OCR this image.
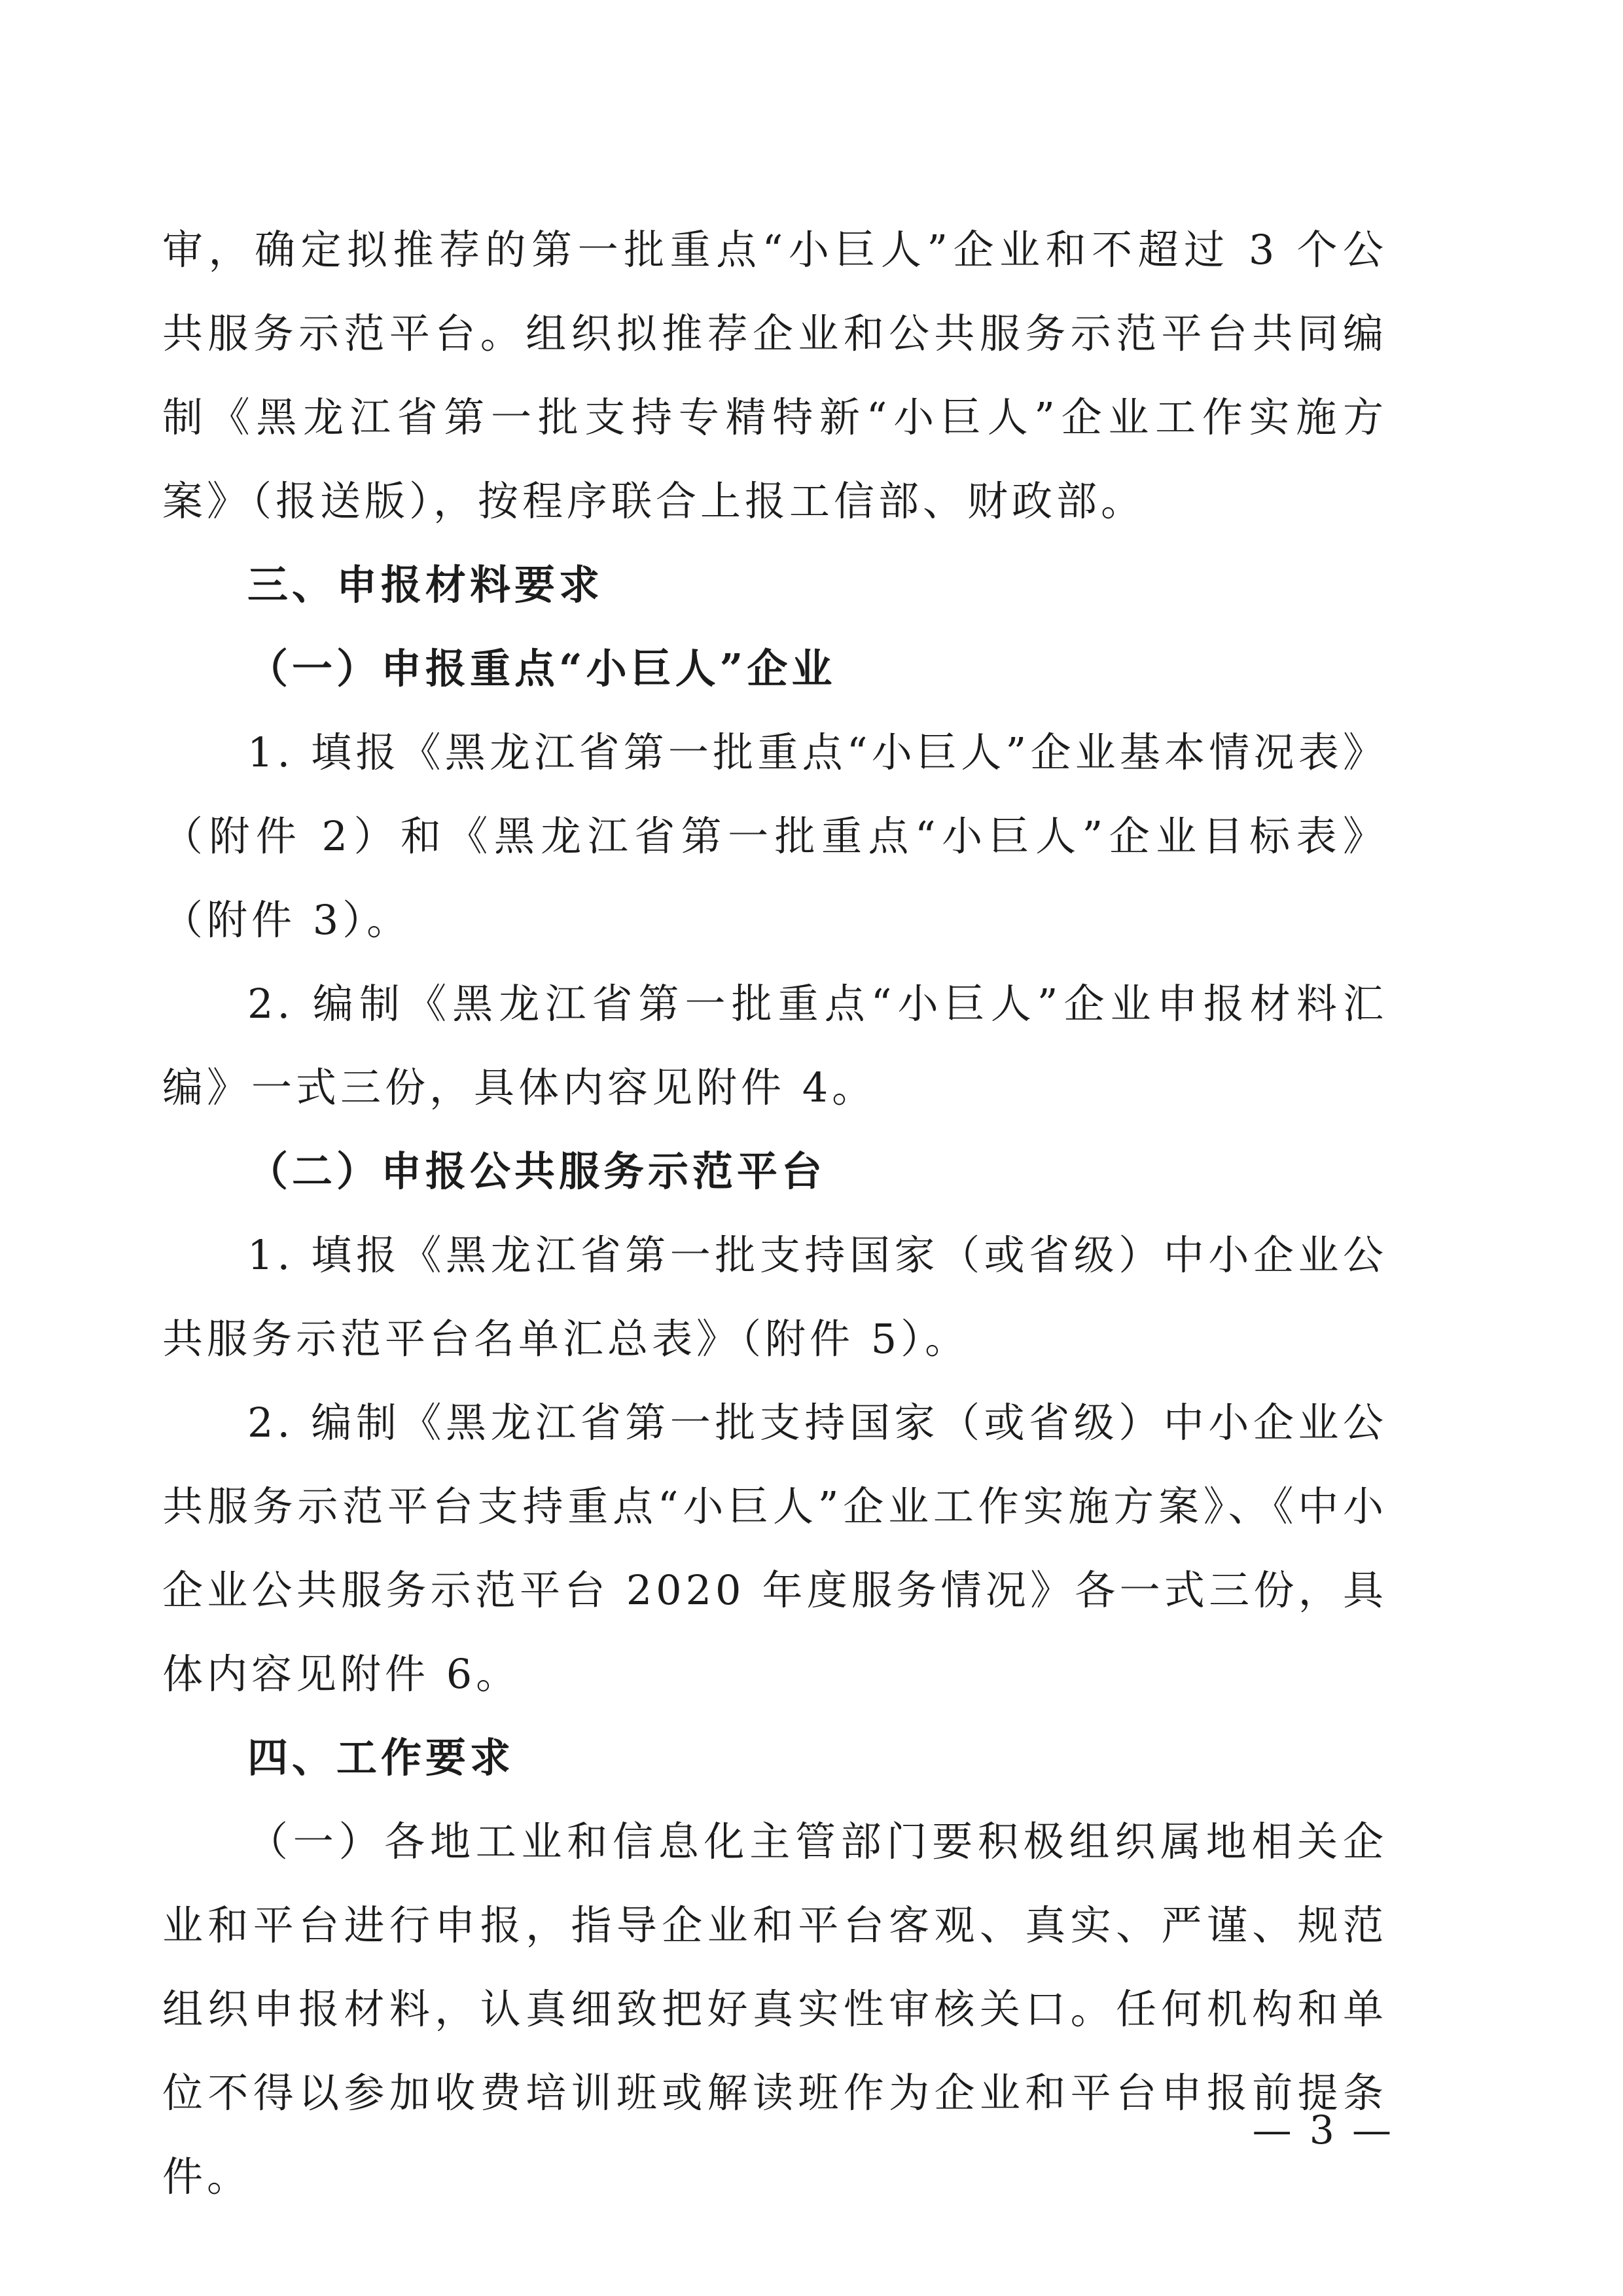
审，确定拟推荐的第一批重点“小巨人”企业和不超过 3 个公共服务示范平台。组织拟推荐企业和公共服务示范平台共同编制《黑龙江省第一批支持专精特新“小巨人”企业工作实施方案》（报送版），按程序联合上报工信部、财政部。

三、申报材料要求

（一）申报重点“小巨人”企业

1. 填报《黑龙江省第一批重点“小巨人”企业基本情况表》（附件 2）和《黑龙江省第一批重点“小巨人”企业目标表》（附件 3）。

2. 编制《黑龙江省第一批重点“小巨人”企业申报材料汇编》一式三份，具体内容见附件 4。

（二）申报公共服务示范平台

1. 填报《黑龙江省第一批支持国家（或省级）中小企业公共服务示范平台名单汇总表》（附件 5）。

2. 编制《黑龙江省第一批支持国家（或省级）中小企业公共服务示范平台支持重点“小巨人”企业工作实施方案》、《中小企业公共服务示范平台 2020 年度服务情况》各一式三份，具体内容见附件 6。

四、工作要求

（一）各地工业和信息化主管部门要积极组织属地相关企业和平台进行申报，指导企业和平台客观、真实、严谨、规范组织申报材料，认真细致把好真实性审核关口。任何机构和单位不得以参加收费培训班或解读班作为企业和平台申报前提条件。

— 3 —
